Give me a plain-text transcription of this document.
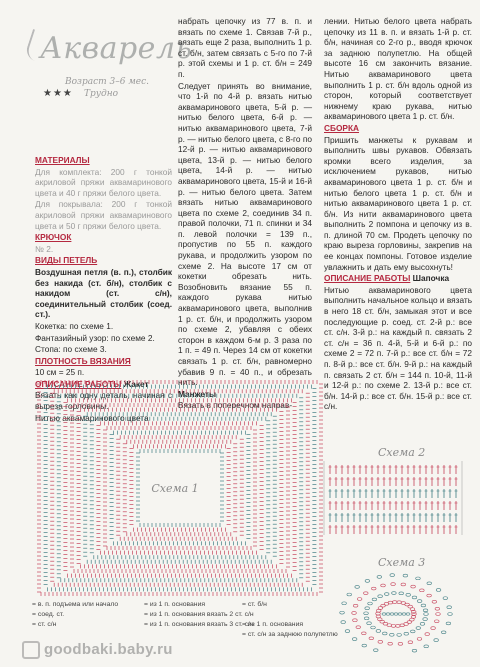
Акварель
Возраст 3–6 мес.
★★★ Трудно

МАТЕРИАЛЫ

Для комплекта: 200 г тонкой акриловой пряжи аквамаринового цвета и 40 г пряжи белого цвета.

Для покрывала: 200 г тонкой акриловой пряжи аквамаринового цвета и 50 г пряжи белого цвета.

КРЮЧОК

№ 2.

ВИДЫ ПЕТЕЛЬ

Воздушная петля (в. п.), столбик без накида (ст. б/н), столбик с накидом (ст. с/н), соединительный столбик (соед. ст.).

Кокетка: по схеме 1.

Фантазийный узор: по схеме 2.

Стопа: по схеме 3.

ПЛОТНОСТЬ ВЯЗАНИЯ

10 см = 25 п.

ОПИСАНИЕ РАБОТЫ Жакет

Вязать как одну деталь, начиная с вырезa горловины.

Нитью аквамаринового цвета

набрать цепочку из 77 в. п. и вязать по схеме 1. Связав 7-й р., вязать еще 2 раза, выполнить 1 р. ст. б/н, затем связать с 5-го по 7-й р. этой схемы и 1 р. ст. б/н = 249 п.

Следует принять во внимание, что 1-й по 4-й р. вязать нитью аквамаринового цвета, 5-й р. — нитью белого цвета, 6-й р. — нитью аквамаринового цвета, 7-й р. — нитью белого цвета, с 8-го по 12-й р. — нитью аквамаринового цвета, 13-й р. — нитью белого цвета, 14-й р. — нитью аквамаринового цвета, 15-й и 16-й р. — нитью белого цвета. Затем вязать нитью аквамаринового цвета по схеме 2, соединив 34 п. правой полочки, 71 п. спинки и 34 п. левой полочки = 139 п., пропустив по 55 п. каждого рукава, и продолжить узором по схеме 2. На высоте 17 см от кокетки обрезать нить. Возобновить вязание 55 п. каждого рукава нитью аквамаринового цвета, выполнив 1 р. ст. б/н, и продолжить узором по схеме 2, убавляя с обеих сторон в каждом 6-м р. 3 раза по 1 п. = 49 п. Через 14 см от кокетки связать 1 р. ст. б/н, равномерно убавив 9 п. = 40 п., и обрезать нить.

Манжеты

Вязать в поперечном направ-

лении. Нитью белого цвета набрать цепочку из 11 в. п. и вязать 1-й р. ст. б/н, начиная со 2-го р., вводя крючок за заднюю полупетлю. На общей высоте 16 см закончить вязание. Нитью аквамаринового цвета выполнить 1 р. ст. б/н вдоль одной из сторон, который соответствует нижнему краю рукава, нитью аквамаринового цвета 1 р. ст. б/н.

СБОРКА

Пришить манжеты к рукавам и выполнить швы рукавов. Обвязать кромки всего изделия, за исключением рукавов, нитью аквамаринового цвета 1 р. ст. б/н и нитью белого цвета 1 р. ст. б/н и нитью аквамаринового цвета 1 р. ст. б/н. Из нити аквамаринового цвета выполнить 2 помпона и цепочку из в. п. длиной 70 см. Продеть цепочку по краю выреза горловины, закрепив на ее концах помпоны. Готовое изделие увлажнить и дать ему высохнуть!

ОПИСАНИЕ РАБОТЫ Шапочка

Нитью аквамаринового цвета выполнить начальное кольцо и вязать в него 18 ст. б/н, замыкая этот и все последующие р. соед. ст. 2-й р.: все ст. с/н. 3-й р.: на каждый п. связать 2 ст. с/н = 36 п. 4-й, 5-й и 6-й р.: по схеме 2 = 72 п. 7-й р.: все ст. б/н = 72 п. 8-й р.: все ст. б/н. 9-й р.: на каждый п. связать 2 ст. б/н = 144 п. 10-й, 11-й и 12-й р.: по схеме 2. 13-й р.: все ст. б/н. 14-й р.: все ст. б/н. 15-й р.: все ст. с/н.

Схема 1
Схема 2
Схема 3
= в. п. подъема или начало	= из 1 п. основания	= ст. б/н
= из 1 п. основания вязать 2 ст. с/н
= соед. ст.
= из 1 п. основания вязать 3 ст. с/н
= ст. с/н	= из 1 п. основания
= ст. с/н за заднюю полупетлю
goodbaki.baby.ru
